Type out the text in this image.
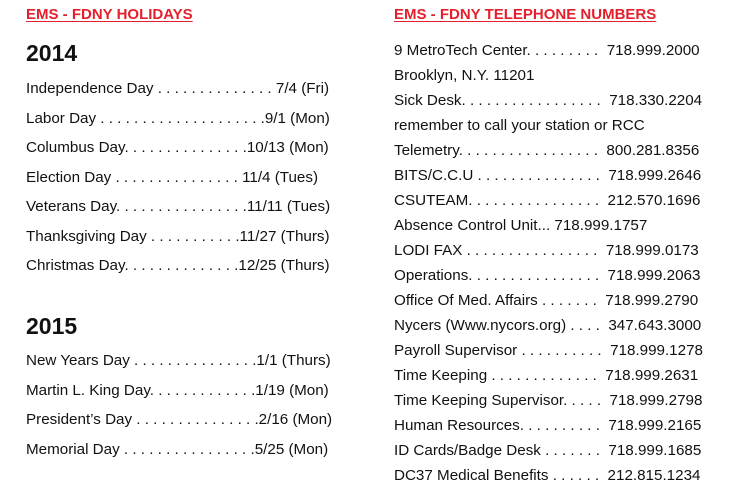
EMS - FDNY HOLIDAYS
2014
Independence Day . . . . . . . . . . . . . . 7/4 (Fri)
Labor Day . . . . . . . . . . . . . . . . . . . .9/1 (Mon)
Columbus Day. . . . . . . . . . . . . . .10/13 (Mon)
Election Day . . . . . . . . . . . . . . . 11/4 (Tues)
Veterans Day. . . . . . . . . . . . . . . .11/11 (Tues)
Thanksgiving Day . . . . . . . . . . .11/27 (Thurs)
Christmas Day. . . . . . . . . . . . . .12/25 (Thurs)
2015
New Years Day . . . . . . . . . . . . . . .1/1 (Thurs)
Martin L. King Day. . . . . . . . . . . . .1/19 (Mon)
President’s Day . . . . . . . . . . . . . . .2/16 (Mon)
Memorial Day . . . . . . . . . . . . . . . .5/25 (Mon)
EMS - FDNY TELEPHONE NUMBERS
9 MetroTech Center. . . . . . . . .  718.999.2000
Brooklyn, N.Y. 11201
Sick Desk. . . . . . . . . . . . . . . . .  718.330.2204
remember to call your station or RCC
Telemetry. . . . . . . . . . . . . . . . .  800.281.8356
BITS/C.C.U . . . . . . . . . . . . . . .  718.999.2646
CSUTEAM. . . . . . . . . . . . . . . .  212.570.1696
Absence Control Unit... 718.999.1757
LODI FAX . . . . . . . . . . . . . . . .  718.999.0173
Operations. . . . . . . . . . . . . . . .  718.999.2063
Office Of Med. Affairs . . . . . . .  718.999.2790
Nycers (Www.nycors.org) . . . .  347.643.3000
Payroll Supervisor . . . . . . . . . .  718.999.1278
Time Keeping . . . . . . . . . . . . .  718.999.2631
Time Keeping Supervisor. . . . .  718.999.2798
Human Resources. . . . . . . . . .  718.999.2165
ID Cards/Badge Desk . . . . . . .  718.999.1685
DC37 Medical Benefits . . . . . .  212.815.1234
